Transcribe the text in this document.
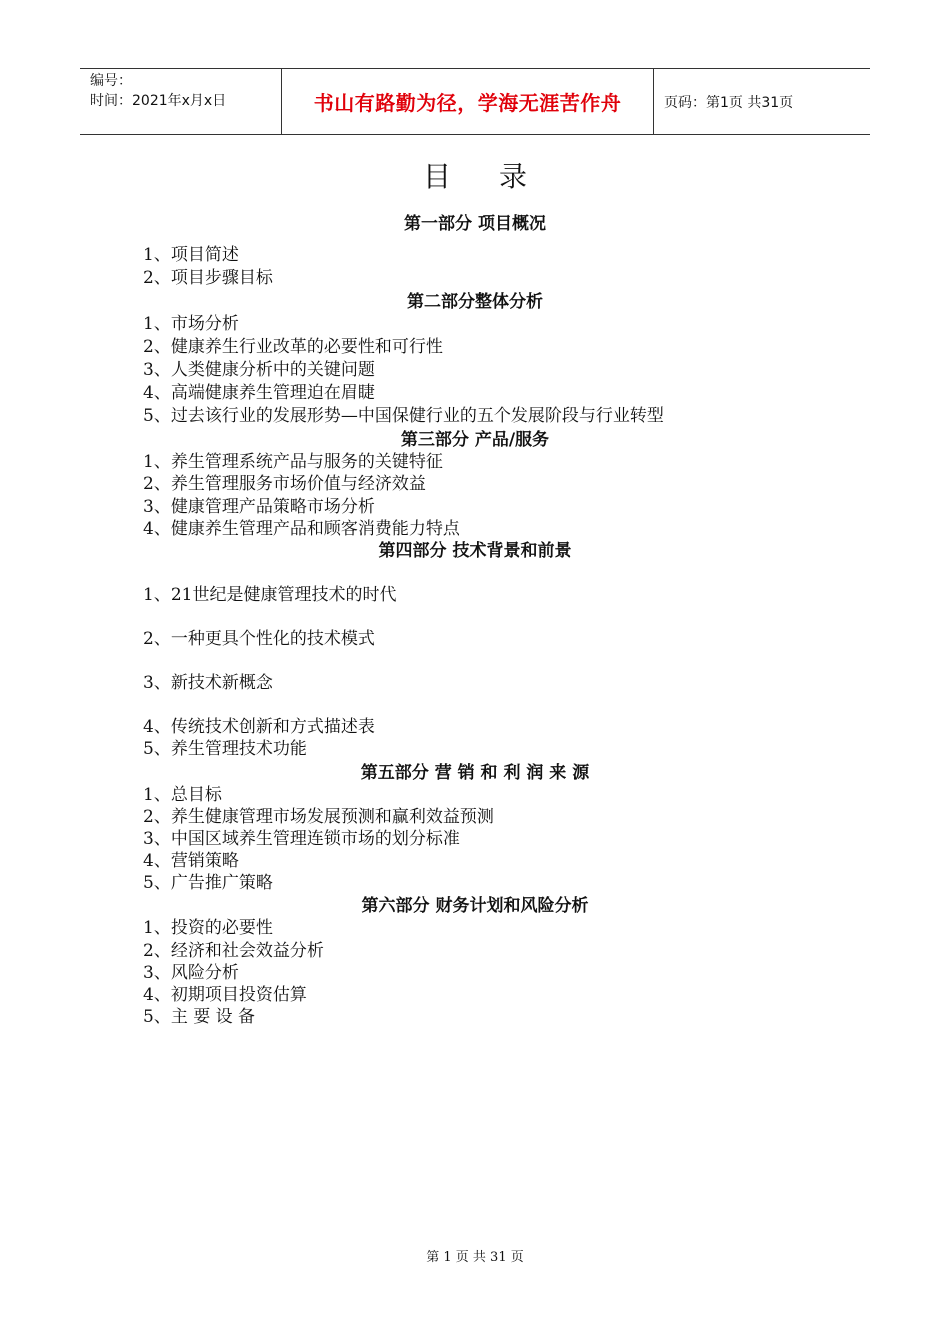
编号：
时间：2021年x月x日	书山有路勤为径，学海无涯苦作舟	页码：第1页 共31页
目录
第一部分 项目概况
1、项目简述
2、项目步骤目标
第二部分整体分析
1、市场分析
2、健康养生行业改革的必要性和可行性
3、人类健康分析中的关键问题
4、高端健康养生管理迫在眉睫
5、过去该行业的发展形势—中国保健行业的五个发展阶段与行业转型
第三部分 产品/服务
1、养生管理系统产品与服务的关键特征
2、养生管理服务市场价值与经济效益
3、健康管理产品策略市场分析
4、健康养生管理产品和顾客消费能力特点
第四部分 技术背景和前景
1、21世纪是健康管理技术的时代
2、一种更具个性化的技术模式
3、新技术新概念
4、传统技术创新和方式描述表
5、养生管理技术功能
第五部分 营 销 和 利 润 来 源
1、总目标
2、养生健康管理市场发展预测和赢利效益预测
3、中国区域养生管理连锁市场的划分标准
4、营销策略
5、广告推广策略
第六部分 财务计划和风险分析
1、投资的必要性
2、经济和社会效益分析
3、风险分析
4、初期项目投资估算
5、主 要 设 备
第 1 页 共 31 页
